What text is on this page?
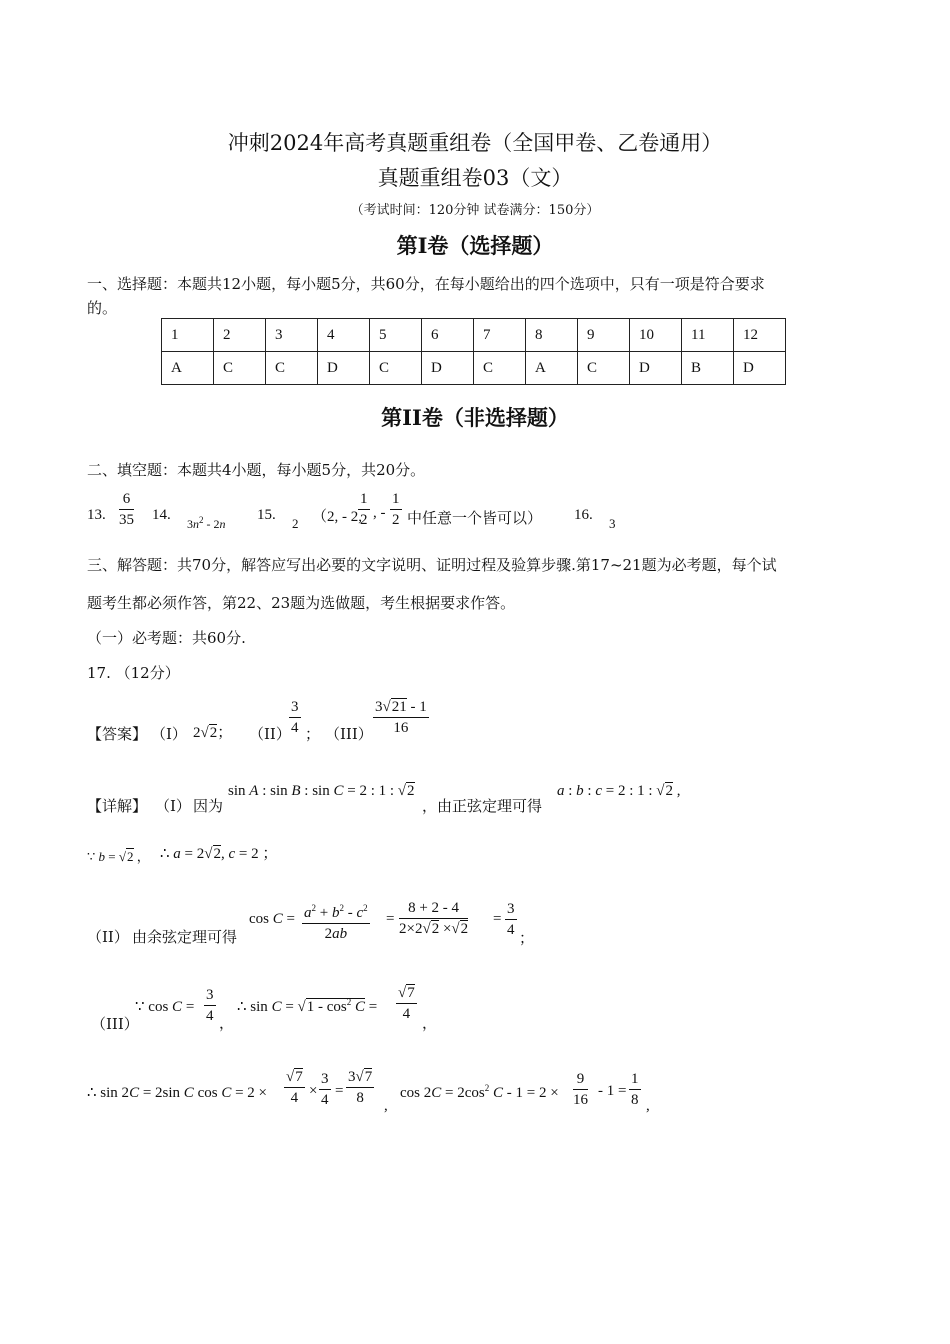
冲刺2024年高考真题重组卷（全国甲卷、乙卷通用）
真题重组卷03（文）
（考试时间：120分钟 试卷满分：150分）
第I卷（选择题）
一、选择题：本题共12小题，每小题5分，共60分，在每小题给出的四个选项中，只有一项是符合要求
的。
1	2	3	4	5	6	7	8	9	10	11	12
A	C	C	D	C	D	C	A	C	D	B	D
第II卷（非选择题）
二、填空题：本题共4小题，每小题5分，共20分。
13. $\frac{6}{35} 14$.
$3n^2 - 2n$
15.
2 （2, - 2,
$\frac{1}{2}$ , - $\frac{1}{2}$ 中任意一个皆可以） 16.
3
三、解答题：共70分，解答应写出必要的文字说明、证明过程及验算步骤.第17~21题为必考题，每个试
题考生都必须作答，第22、23题为选做题，考生根据要求作答。
（一）必考题：共60分.
17. （12分）
【答案】 （I） 2√2； （II）
$\frac{3}{4}$ ； $(III) \frac{3√21 - 1}{16}$
【详解】 （I） 因为
sin A : sin B : sin C = 2 : 1 : √2
，由正弦定理可得
a : b : c = 2 : 1 : √2 ,
∵ b = √2 ， ∴ a = 2√2, c = 2 ；
（II） 由余弦定理可得
$\cos C = \frac{a^2 + b^2 - c^2}{2ab} = \frac{8 + 2 - 4}{2\times 2√2 \times√2} = \frac{3}{4}$ ；
（III）
∵ $\cos C = \frac{3}{4}$ ，
∴ $\sin C = √1 - \cos^2 C = \frac{√7}{4}$
，
∴ sin 2C = 2sin C $\cos C = 2 \times \frac{√7}{4} \times \frac{3}{4} = \frac{3√7}{8}$ ,
$\cos 2C = 2\cos^2$ $C - 1 = 2 \times \frac{9}{16} - 1 = \frac{1}{8}$ ,
